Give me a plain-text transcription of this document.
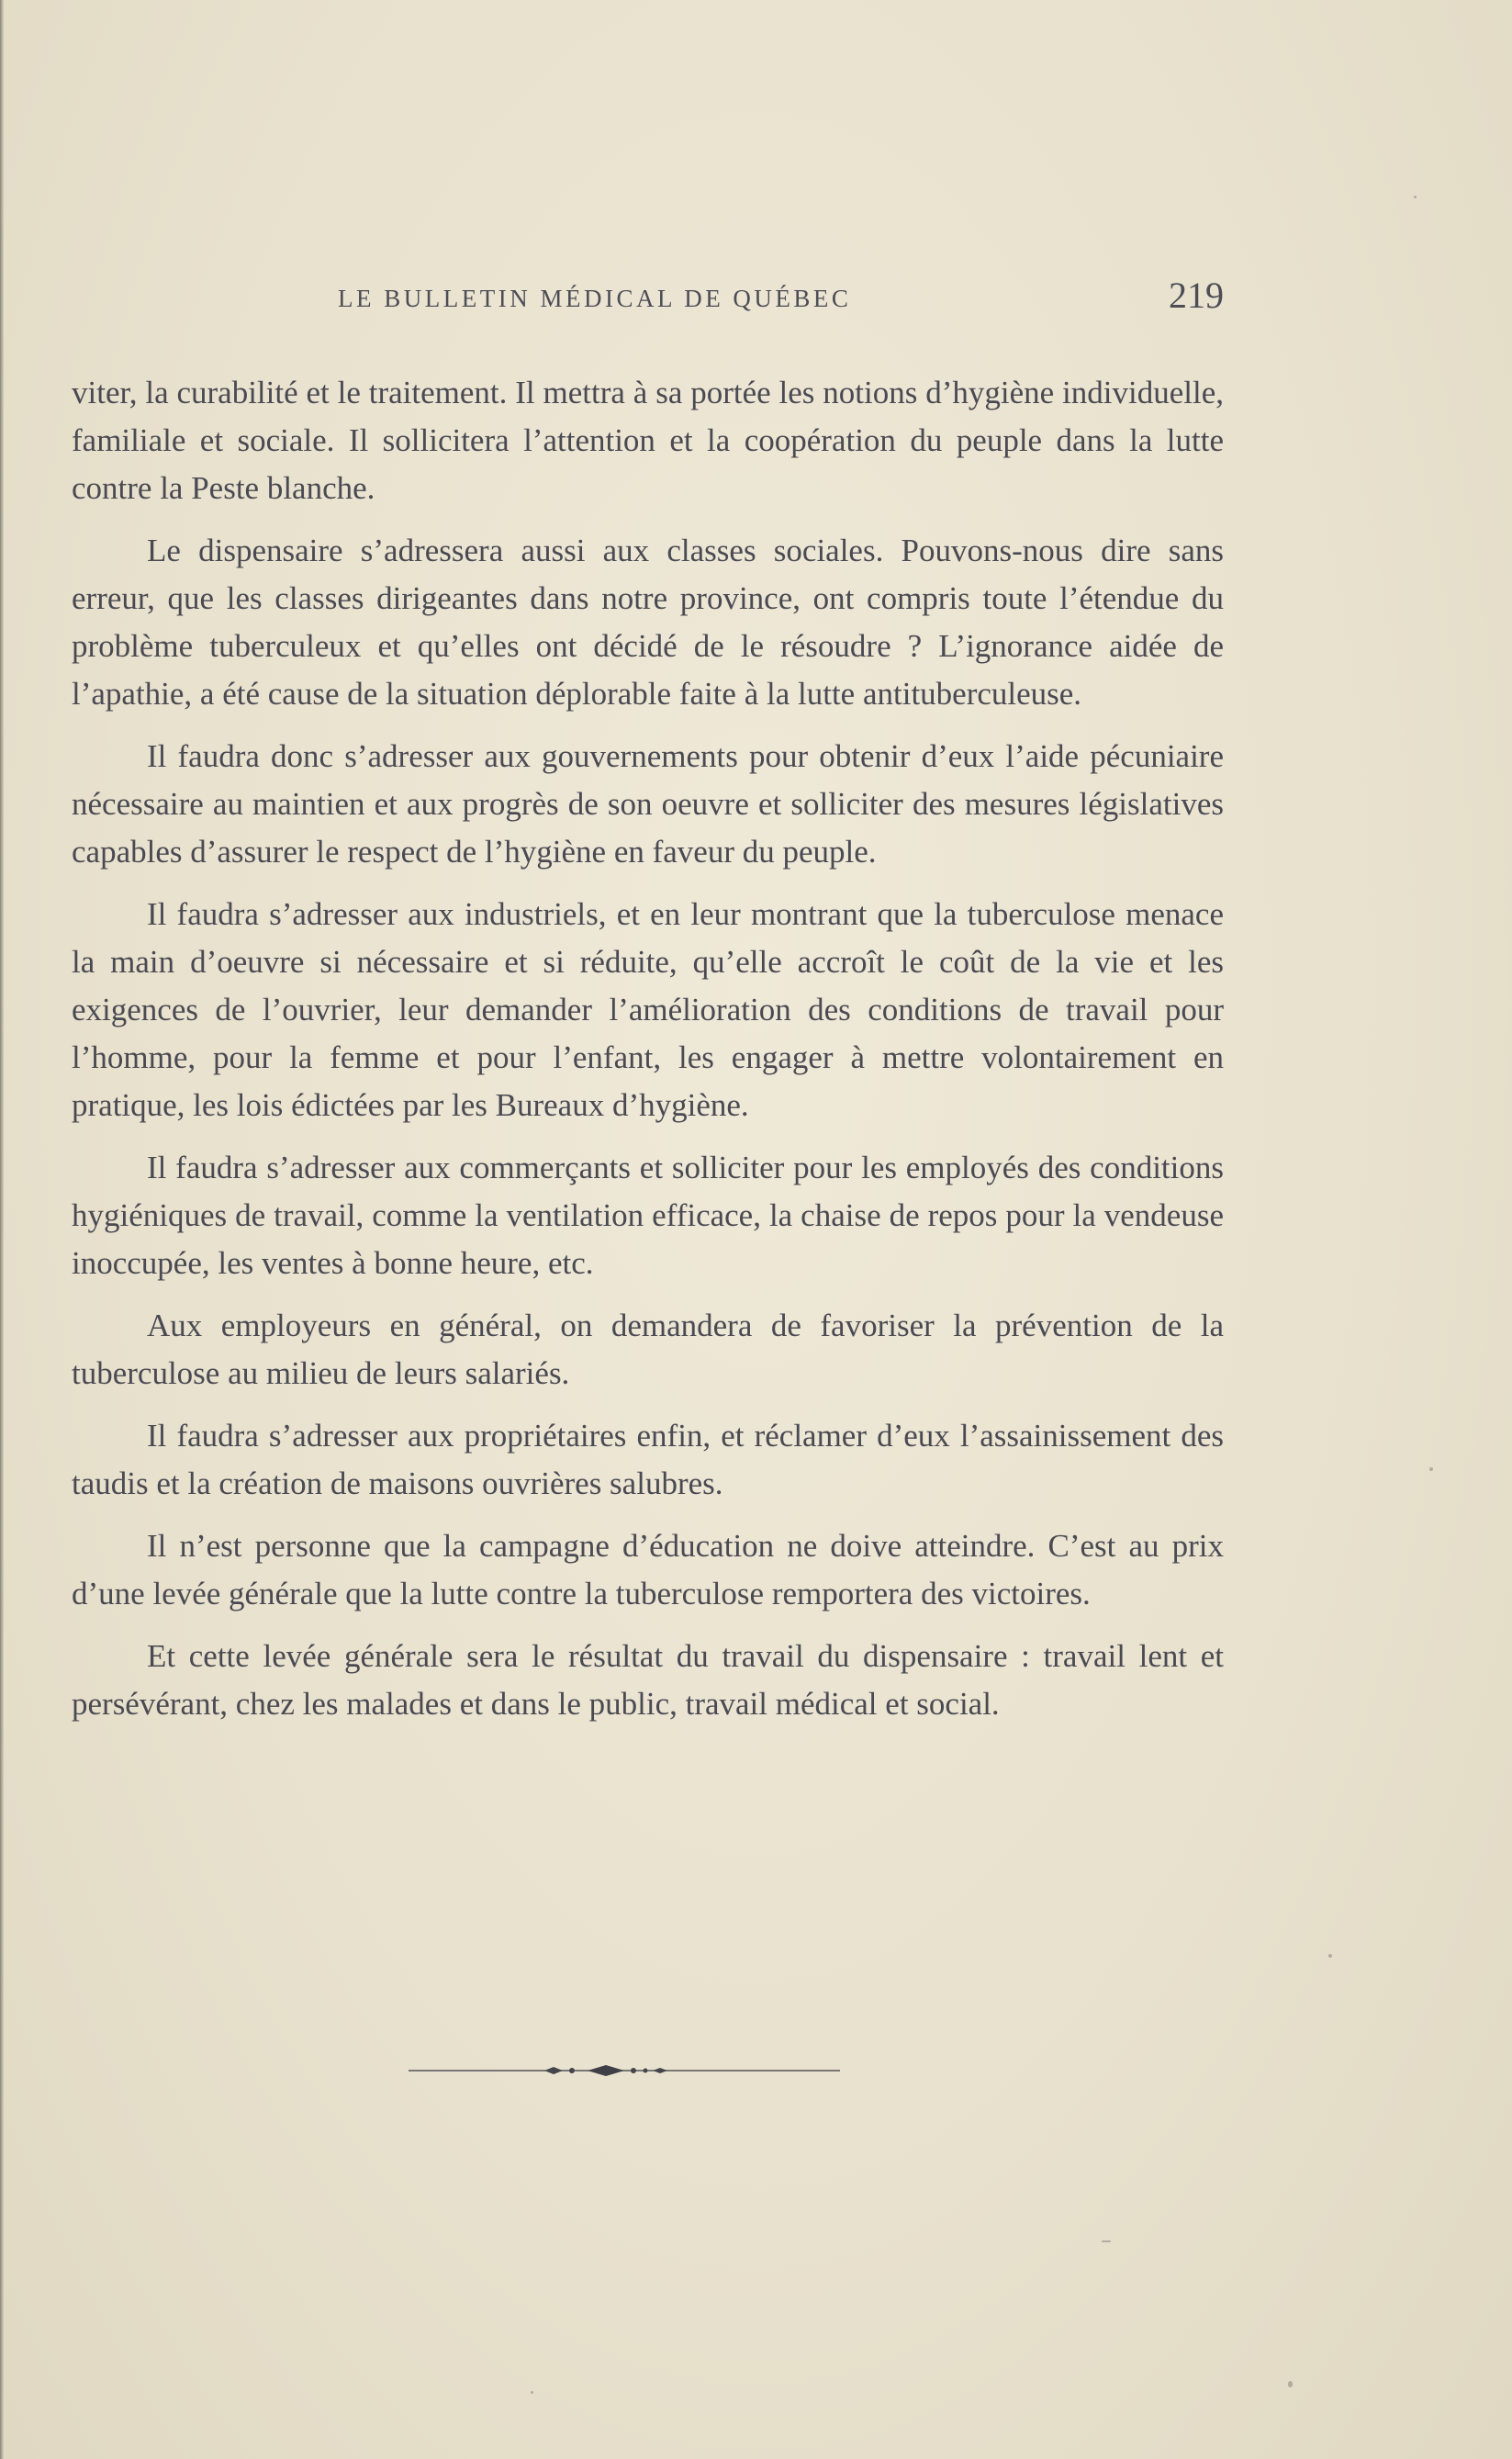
LE BULLETIN MÉDICAL DE QUÉBEC	219

viter, la curabilité et le traitement. Il mettra à sa portée les notions d’hygiène individuelle, familiale et sociale. Il sollicitera l’attention et la coopération du peuple dans la lutte contre la Peste blanche.

Le dispensaire s’adressera aussi aux classes sociales. Pouvons-nous dire sans erreur, que les classes dirigeantes dans notre province, ont compris toute l’étendue du problème tuberculeux et qu’elles ont décidé de le résoudre ? L’ignorance aidée de l’apathie, a été cause de la situation déplorable faite à la lutte antituberculeuse.

Il faudra donc s’adresser aux gouvernements pour obtenir d’eux l’aide pécuniaire nécessaire au maintien et aux progrès de son oeuvre et solliciter des mesures législatives capables d’assurer le respect de l’hygiène en faveur du peuple.

Il faudra s’adresser aux industriels, et en leur montrant que la tuberculose menace la main d’oeuvre si nécessaire et si réduite, qu’elle accroît le coût de la vie et les exigences de l’ouvrier, leur demander l’amélioration des conditions de travail pour l’homme, pour la femme et pour l’enfant, les engager à mettre volontairement en pratique, les lois édictées par les Bureaux d’hygiène.

Il faudra s’adresser aux commerçants et solliciter pour les employés des conditions hygiéniques de travail, comme la ventilation efficace, la chaise de repos pour la vendeuse inoccupée, les ventes à bonne heure, etc.

Aux employeurs en général, on demandera de favoriser la prévention de la tuberculose au milieu de leurs salariés.

Il faudra s’adresser aux propriétaires enfin, et réclamer d’eux l’assainissement des taudis et la création de maisons ouvrières salubres.

Il n’est personne que la campagne d’éducation ne doive atteindre. C’est au prix d’une levée générale que la lutte contre la tuberculose remportera des victoires.

Et cette levée générale sera le résultat du travail du dispensaire : travail lent et persévérant, chez les malades et dans le public, travail médical et social.
